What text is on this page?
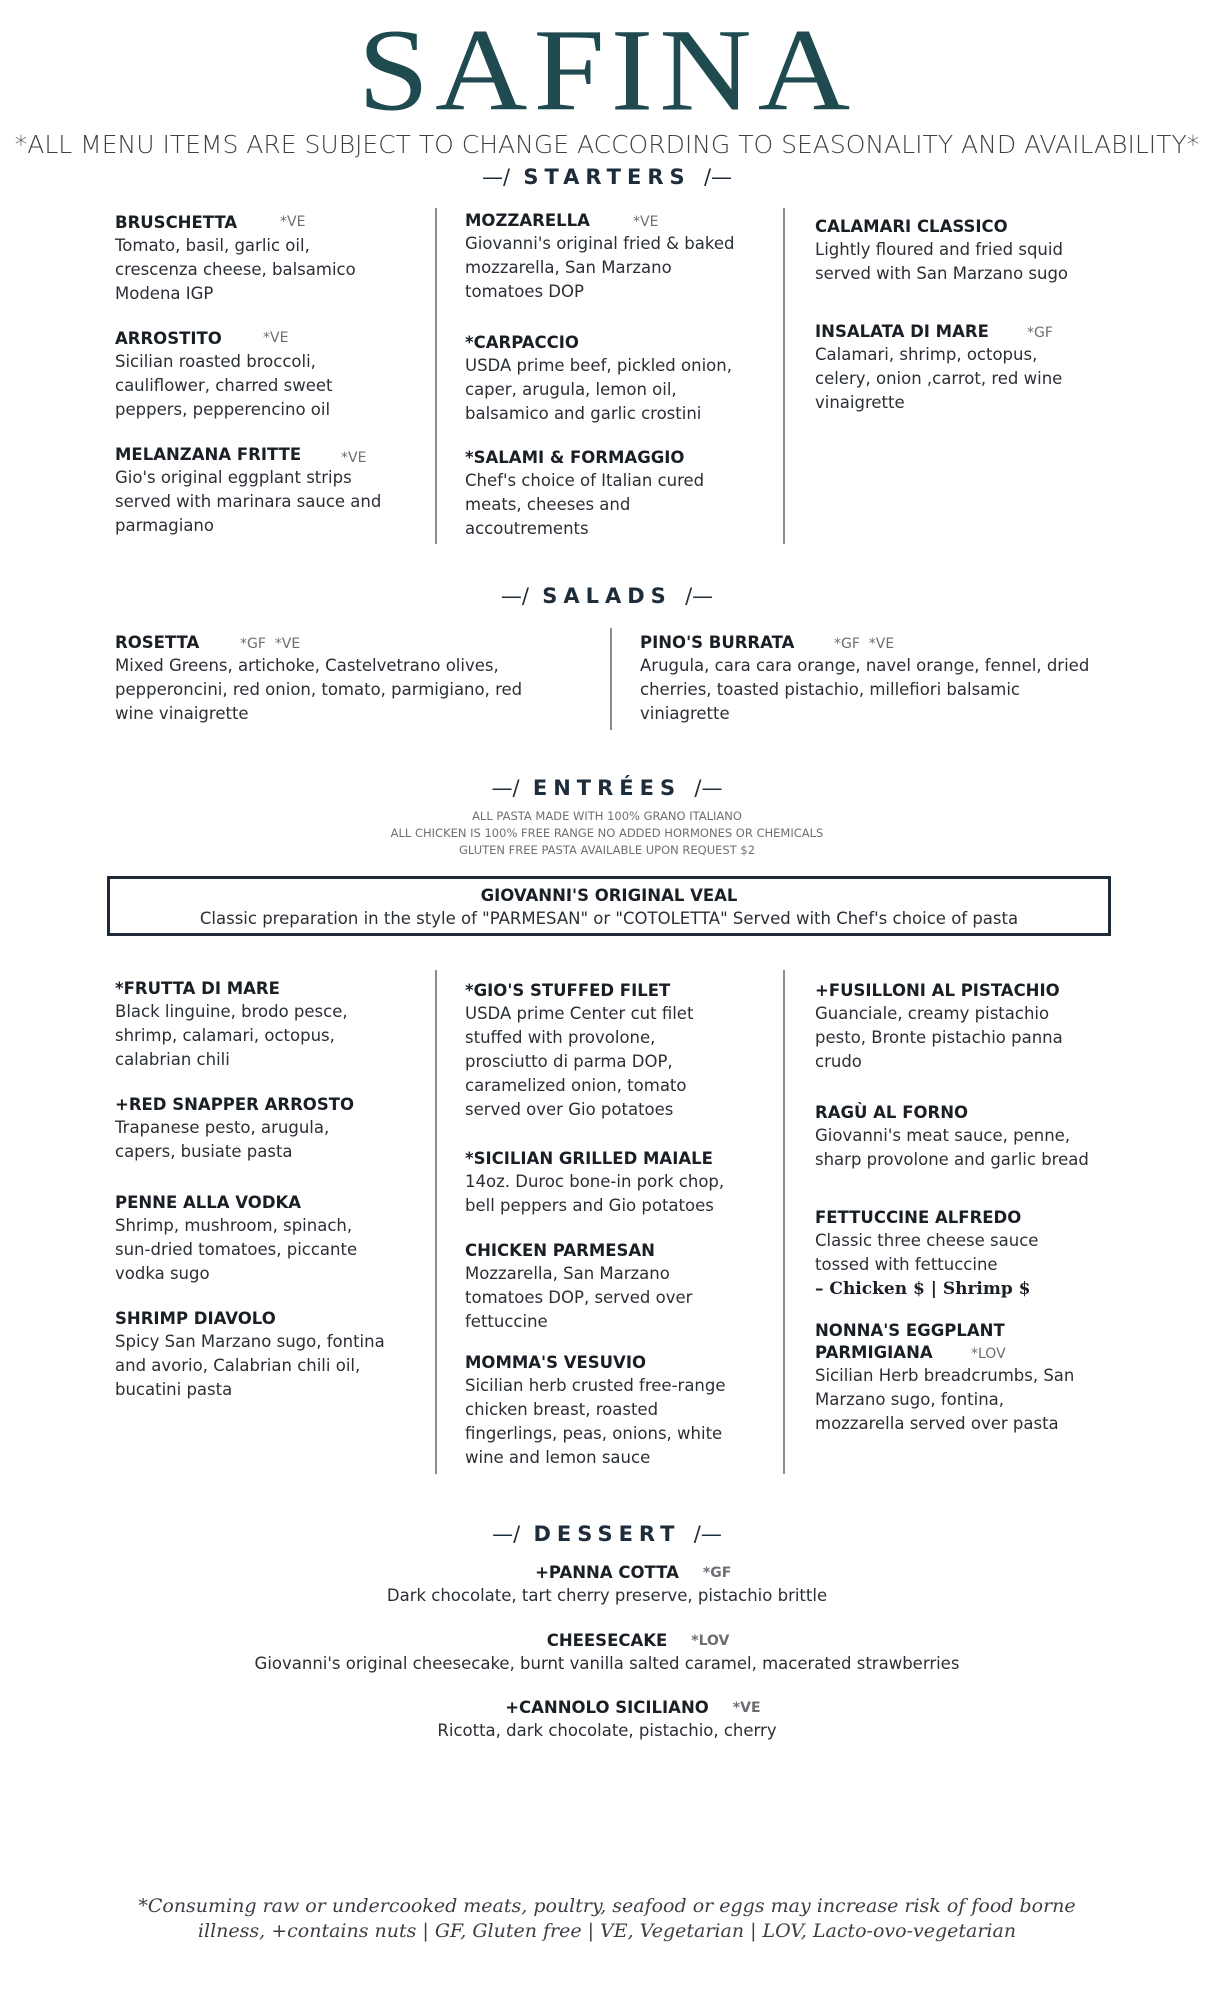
SAFINA
*ALL MENU ITEMS ARE SUBJECT TO CHANGE ACCORDING TO SEASONALITY AND AVAILABILITY*
—/ STARTERS /—
BRUSCHETTA	*VE
Tomato, basil, garlic oil,
crescenza cheese, balsamico
Modena IGP
ARROSTITO	*VE
Sicilian roasted broccoli,
cauliflower, charred sweet
peppers, pepperencino oil
MELANZANA FRITTE	*VE
Gio's original eggplant strips
served with marinara sauce and
parmagiano
MOZZARELLA	*VE
Giovanni's original fried & baked
mozzarella, San Marzano
tomatoes DOP
*CARPACCIO
USDA prime beef, pickled onion,
caper, arugula, lemon oil,
balsamico and garlic crostini
*SALAMI & FORMAGGIO
Chef's choice of Italian cured
meats, cheeses and
accoutrements
CALAMARI CLASSICO
Lightly floured and fried squid
served with San Marzano sugo
INSALATA DI MARE	*GF
Calamari, shrimp, octopus,
celery, onion ,carrot, red wine
vinaigrette
—/ SALADS /—
ROSETTA	*GF  *VE
Mixed Greens, artichoke, Castelvetrano olives,
pepperoncini, red onion, tomato, parmigiano, red
wine vinaigrette
PINO'S BURRATA	*GF  *VE
Arugula, cara cara orange, navel orange, fennel, dried
cherries, toasted pistachio, millefiori balsamic
viniagrette
—/ ENTRÉES /—
ALL PASTA MADE WITH 100% GRANO ITALIANO
ALL CHICKEN IS 100% FREE RANGE NO ADDED HORMONES OR CHEMICALS
GLUTEN FREE PASTA AVAILABLE UPON REQUEST $2
GIOVANNI'S ORIGINAL VEAL
Classic preparation in the style of "PARMESAN" or "COTOLETTA" Served with Chef's choice of pasta
*FRUTTA DI MARE
Black linguine, brodo pesce,
shrimp, calamari, octopus,
calabrian chili
+RED SNAPPER ARROSTO
Trapanese pesto, arugula,
capers, busiate pasta
PENNE ALLA VODKA
Shrimp, mushroom, spinach,
sun-dried tomatoes, piccante
vodka sugo
SHRIMP DIAVOLO
Spicy San Marzano sugo, fontina
and avorio, Calabrian chili oil,
bucatini pasta
*GIO'S STUFFED FILET
USDA prime Center cut filet
stuffed with provolone,
prosciutto di parma DOP,
caramelized onion, tomato
served over Gio potatoes
*SICILIAN GRILLED MAIALE
14oz. Duroc bone-in pork chop,
bell peppers and Gio potatoes
CHICKEN PARMESAN
Mozzarella, San Marzano
tomatoes DOP, served over
fettuccine
MOMMA'S VESUVIO
Sicilian herb crusted free-range
chicken breast, roasted
fingerlings, peas, onions, white
wine and lemon sauce
+FUSILLONI AL PISTACHIO
Guanciale, creamy pistachio
pesto, Bronte pistachio panna
crudo
RAGÙ AL FORNO
Giovanni's meat sauce, penne,
sharp provolone and garlic bread
FETTUCCINE ALFREDO
Classic three cheese sauce
tossed with fettuccine
– Chicken $ | Shrimp $
NONNA'S EGGPLANT
PARMIGIANA	*LOV
Sicilian Herb breadcrumbs, San
Marzano sugo, fontina,
mozzarella served over pasta
—/ DESSERT /—
+PANNA COTTA *GF
Dark chocolate, tart cherry preserve, pistachio brittle
CHEESECAKE *LOV
Giovanni's original cheesecake, burnt vanilla salted caramel, macerated strawberries
+CANNOLO SICILIANO *VE
Ricotta, dark chocolate, pistachio, cherry
*Consuming raw or undercooked meats, poultry, seafood or eggs may increase risk of food borne
illness, +contains nuts | GF, Gluten free | VE, Vegetarian | LOV, Lacto-ovo-vegetarian
